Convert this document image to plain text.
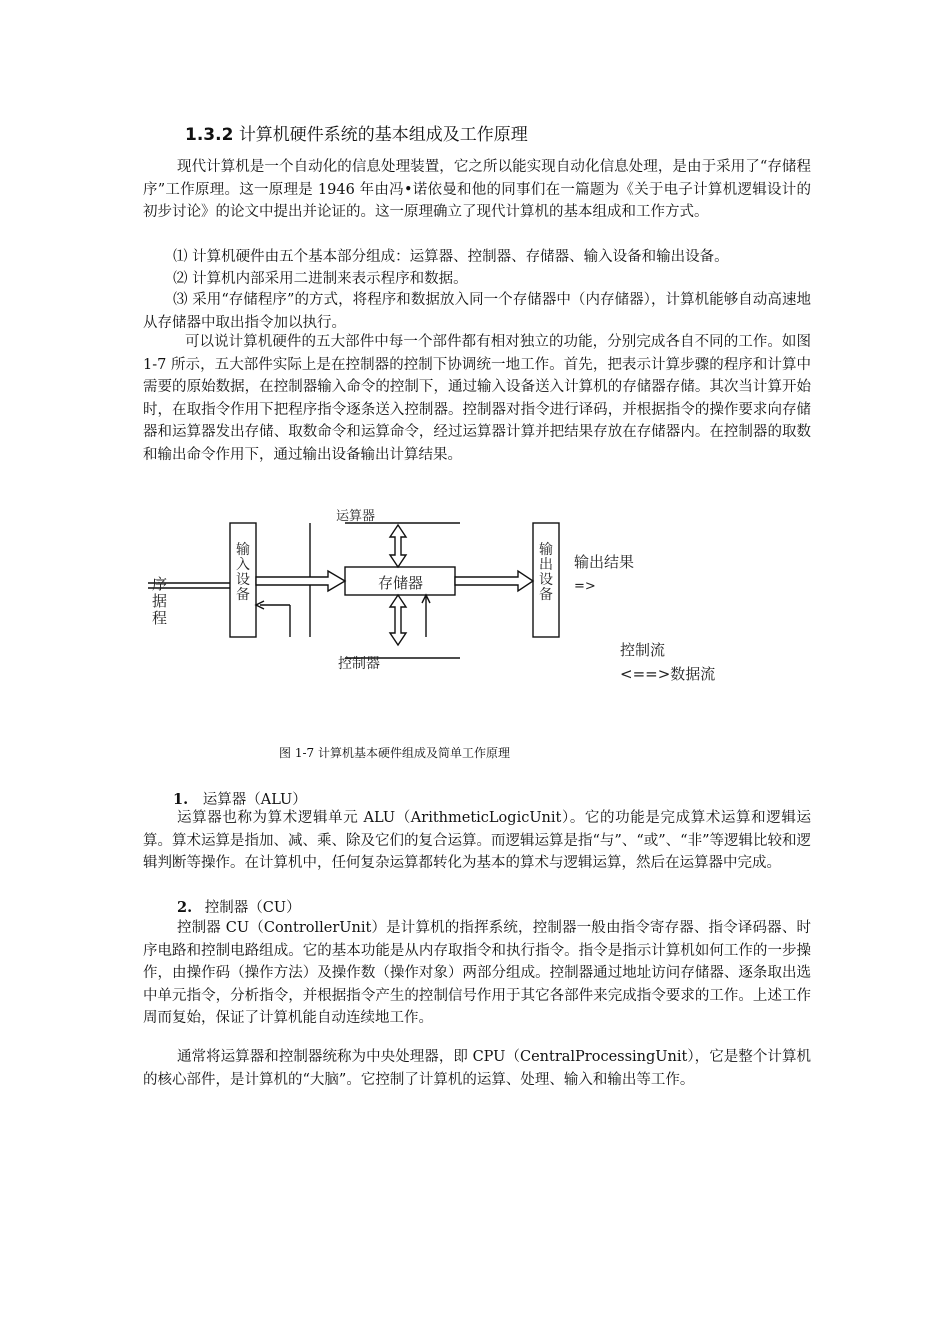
1.3.2 计算机硬件系统的基本组成及工作原理
现代计算机是一个自动化的信息处理装置，它之所以能实现自动化信息处理，是由于采用了“存储程序”工作原理。这一原理是 1946 年由冯•诺依曼和他的同事们在一篇题为《关于电子计算机逻辑设计的初步讨论》的论文中提出并论证的。这一原理确立了现代计算机的基本组成和工作方式。
⑴ 计算机硬件由五个基本部分组成：运算器、控制器、存储器、输入设备和输出设备。
⑵ 计算机内部采用二进制来表示程序和数据。
⑶ 采用“存储程序”的方式，将程序和数据放入同一个存储器中（内存储器），计算机能够自动高速地从存储器中取出指令加以执行。
可以说计算机硬件的五大部件中每一个部件都有相对独立的功能，分别完成各自不同的工作。如图 1-7 所示，五大部件实际上是在控制器的控制下协调统一地工作。首先，把表示计算步骤的程序和计算中需要的原始数据，在控制器输入命令的控制下，通过输入设备送入计算机的存储器存储。其次当计算开始时，在取指令作用下把程序指令逐条送入控制器。控制器对指令进行译码，并根据指令的操作要求向存储器和运算器发出存储、取数命令和运算命令，经过运算器计算并把结果存放在存储器内。在控制器的取数和输出命令作用下，通过输出设备输出计算结果。
运算器
输入设备
存储器
输出设备
输出结果
=>
序
据
程
控制器
控制流
<==>数据流
图 1-7 计算机基本硬件组成及简单工作原理
1. 运算器（ALU）
运算器也称为算术逻辑单元 ALU（ArithmeticLogicUnit）。它的功能是完成算术运算和逻辑运算。算术运算是指加、减、乘、除及它们的复合运算。而逻辑运算是指“与”、“或”、“非”等逻辑比较和逻辑判断等操作。在计算机中，任何复杂运算都转化为基本的算术与逻辑运算，然后在运算器中完成。
2. 控制器（CU）
控制器 CU（ControllerUnit）是计算机的指挥系统，控制器一般由指令寄存器、指令译码器、时序电路和控制电路组成。它的基本功能是从内存取指令和执行指令。指令是指示计算机如何工作的一步操作，由操作码（操作方法）及操作数（操作对象）两部分组成。控制器通过地址访问存储器、逐条取出选中单元指令，分析指令，并根据指令产生的控制信号作用于其它各部件来完成指令要求的工作。上述工作周而复始，保证了计算机能自动连续地工作。
通常将运算器和控制器统称为中央处理器，即 CPU（CentralProcessingUnit），它是整个计算机的核心部件，是计算机的“大脑”。它控制了计算机的运算、处理、输入和输出等工作。
